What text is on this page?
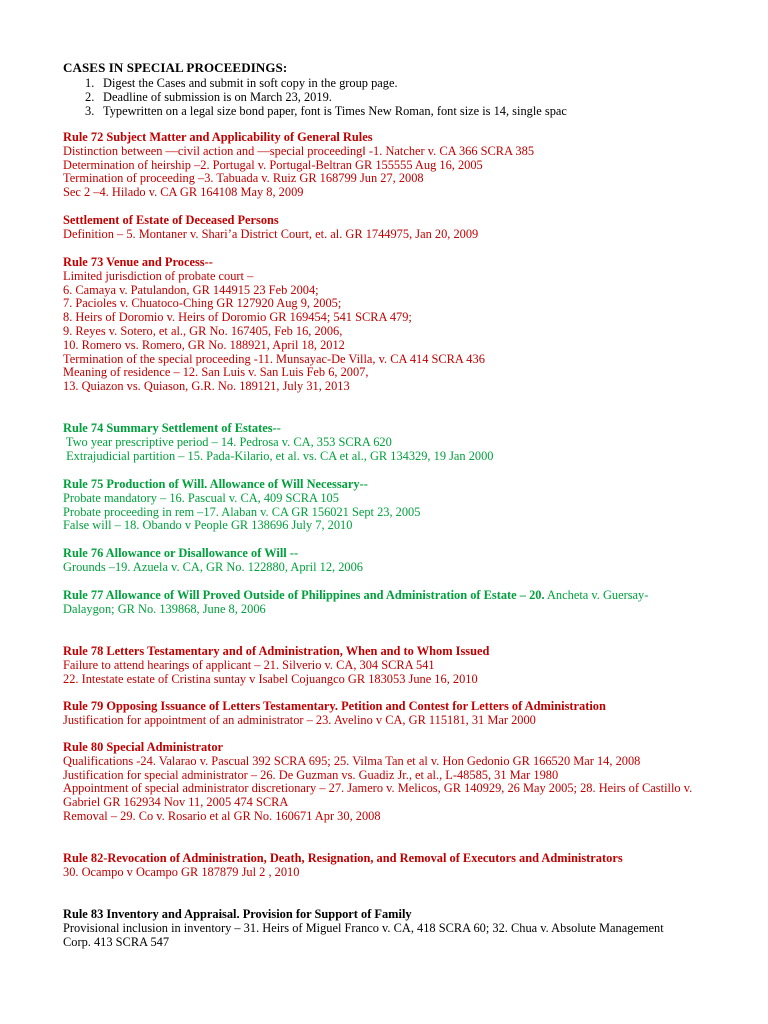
CASES IN SPECIAL PROCEEDINGS:
1. Digest the Cases and submit in soft copy in the group page.
2. Deadline of submission is on March 23, 2019.
3. Typewritten on a legal size bond paper, font is Times New Roman, font size is 14, single spac
Rule 72 Subject Matter and Applicability of General Rules
Distinction between —civil action and —special proceeding‖ -1. Natcher v. CA 366 SCRA 385
Determination of heirship –2. Portugal v. Portugal-Beltran GR 155555 Aug 16, 2005
Termination of proceeding –3. Tabuada v. Ruiz GR 168799 Jun 27, 2008
Sec 2 –4. Hilado v. CA GR 164108 May 8, 2009
Settlement of Estate of Deceased Persons
Definition – 5. Montaner v. Shari’a District Court, et. al. GR 1744975, Jan 20, 2009
Rule 73 Venue and Process--
Limited jurisdiction of probate court –
6. Camaya v. Patulandon, GR 144915 23 Feb 2004;
7. Pacioles v. Chuatoco-Ching GR 127920 Aug 9, 2005;
8. Heirs of Doromio v. Heirs of Doromio GR 169454; 541 SCRA 479;
9. Reyes v. Sotero, et al., GR No. 167405, Feb 16, 2006,
10. Romero vs. Romero, GR No. 188921, April 18, 2012
Termination of the special proceeding -11. Munsayac-De Villa, v. CA 414 SCRA 436
Meaning of residence – 12. San Luis v. San Luis Feb 6, 2007,
13. Quiazon vs. Quiason, G.R. No. 189121, July 31, 2013
Rule 74 Summary Settlement of Estates--
Two year prescriptive period – 14. Pedrosa v. CA, 353 SCRA 620
Extrajudicial partition – 15. Pada-Kilario, et al. vs. CA et al., GR 134329, 19 Jan 2000
Rule 75 Production of Will. Allowance of Will Necessary--
Probate mandatory – 16. Pascual v. CA, 409 SCRA 105
Probate proceeding in rem –17. Alaban v. CA GR 156021 Sept 23, 2005
False will – 18. Obando v People GR 138696 July 7, 2010
Rule 76 Allowance or Disallowance of Will --
Grounds –19. Azuela v. CA, GR No. 122880, April 12, 2006
Rule 77 Allowance of Will Proved Outside of Philippines and Administration of Estate – 20. Ancheta v. Guersay-Dalaygon; GR No. 139868, June 8, 2006
Rule 78 Letters Testamentary and of Administration, When and to Whom Issued
Failure to attend hearings of applicant – 21. Silverio v. CA, 304 SCRA 541
22. Intestate estate of Cristina suntay v Isabel Cojuangco GR 183053 June 16, 2010
Rule 79 Opposing Issuance of Letters Testamentary. Petition and Contest for Letters of Administration
Justification for appointment of an administrator – 23. Avelino v CA, GR 115181, 31 Mar 2000
Rule 80 Special Administrator
Qualifications -24. Valarao v. Pascual 392 SCRA 695; 25. Vilma Tan et al v. Hon Gedonio GR 166520 Mar 14, 2008
Justification for special administrator – 26. De Guzman vs. Guadiz Jr., et al., L-48585, 31 Mar 1980
Appointment of special administrator discretionary – 27. Jamero v. Melicos, GR 140929, 26 May 2005; 28. Heirs of Castillo v. Gabriel GR 162934 Nov 11, 2005 474 SCRA
Removal – 29. Co v. Rosario et al GR No. 160671 Apr 30, 2008
Rule 82-Revocation of Administration, Death, Resignation, and Removal of Executors and Administrators
30. Ocampo v Ocampo GR 187879 Jul 2 , 2010
Rule 83 Inventory and Appraisal. Provision for Support of Family
Provisional inclusion in inventory – 31. Heirs of Miguel Franco v. CA, 418 SCRA 60; 32. Chua v. Absolute Management Corp. 413 SCRA 547
